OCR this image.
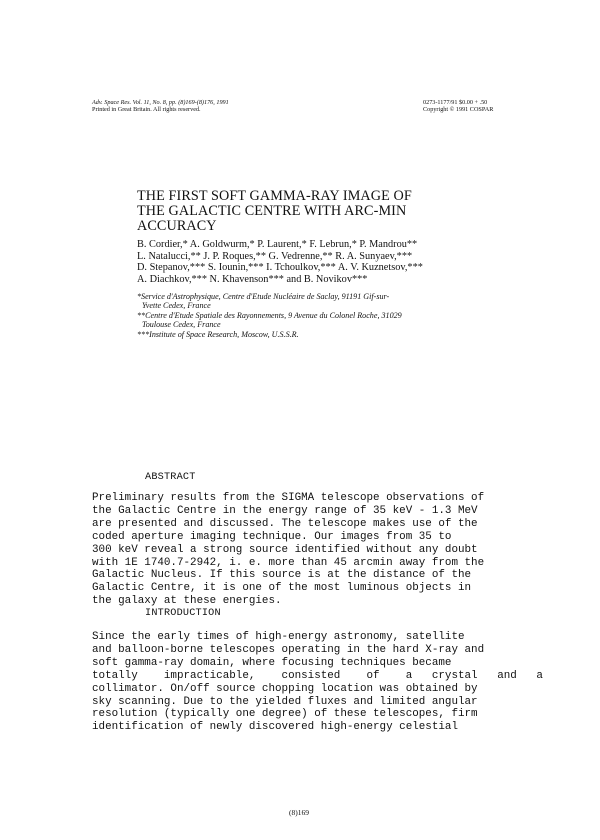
Adv. Space Res. Vol. 11, No. 8, pp. (8)169-(8)176, 1991
Printed in Great Britain. All rights reserved.
0273-1177/91 $0.00 + .50
Copyright © 1991 COSPAR
THE FIRST SOFT GAMMA-RAY IMAGE OF
THE GALACTIC CENTRE WITH ARC-MIN
ACCURACY
B. Cordier,* A. Goldwurm,* P. Laurent,* F. Lebrun,* P. Mandrou**
L. Natalucci,** J. P. Roques,** G. Vedrenne,** R. A. Sunyaev,***
D. Stepanov,*** S. Iounin,*** I. Tchoulkov,*** A. V. Kuznetsov,***
A. Diachkov,*** N. Khavenson*** and B. Novikov***
*Service d'Astrophysique, Centre d'Etude Nucléaire de Saclay, 91191 Gif-sur-
Yvette Cedex, France
**Centre d'Etude Spatiale des Rayonnements, 9 Avenue du Colonel Roche, 31029
Toulouse Cedex, France
***Institute of Space Research, Moscow, U.S.S.R.
ABSTRACT
Preliminary results from the SIGMA telescope observations of
the Galactic Centre in the energy range of 35 keV - 1.3 MeV
are presented and discussed. The telescope makes use of the
coded aperture imaging technique. Our images from 35 to
300 keV reveal a strong source identified without any doubt
with 1E 1740.7-2942, i. e. more than 45 arcmin away from the
Galactic Nucleus. If this source is at the distance of the
Galactic Centre, it is one of the most luminous objects in
the galaxy at these energies.
INTRODUCTION
Since the early times of high-energy astronomy, satellite
and balloon-borne telescopes operating in the hard X-ray and
soft gamma-ray domain, where focusing techniques became
totally    impracticable,    consisted    of    a   crystal   and   a
collimator. On/off source chopping location was obtained by
sky scanning. Due to the yielded fluxes and limited angular
resolution (typically one degree) of these telescopes, firm
identification of newly discovered high-energy celestial
(8)169
